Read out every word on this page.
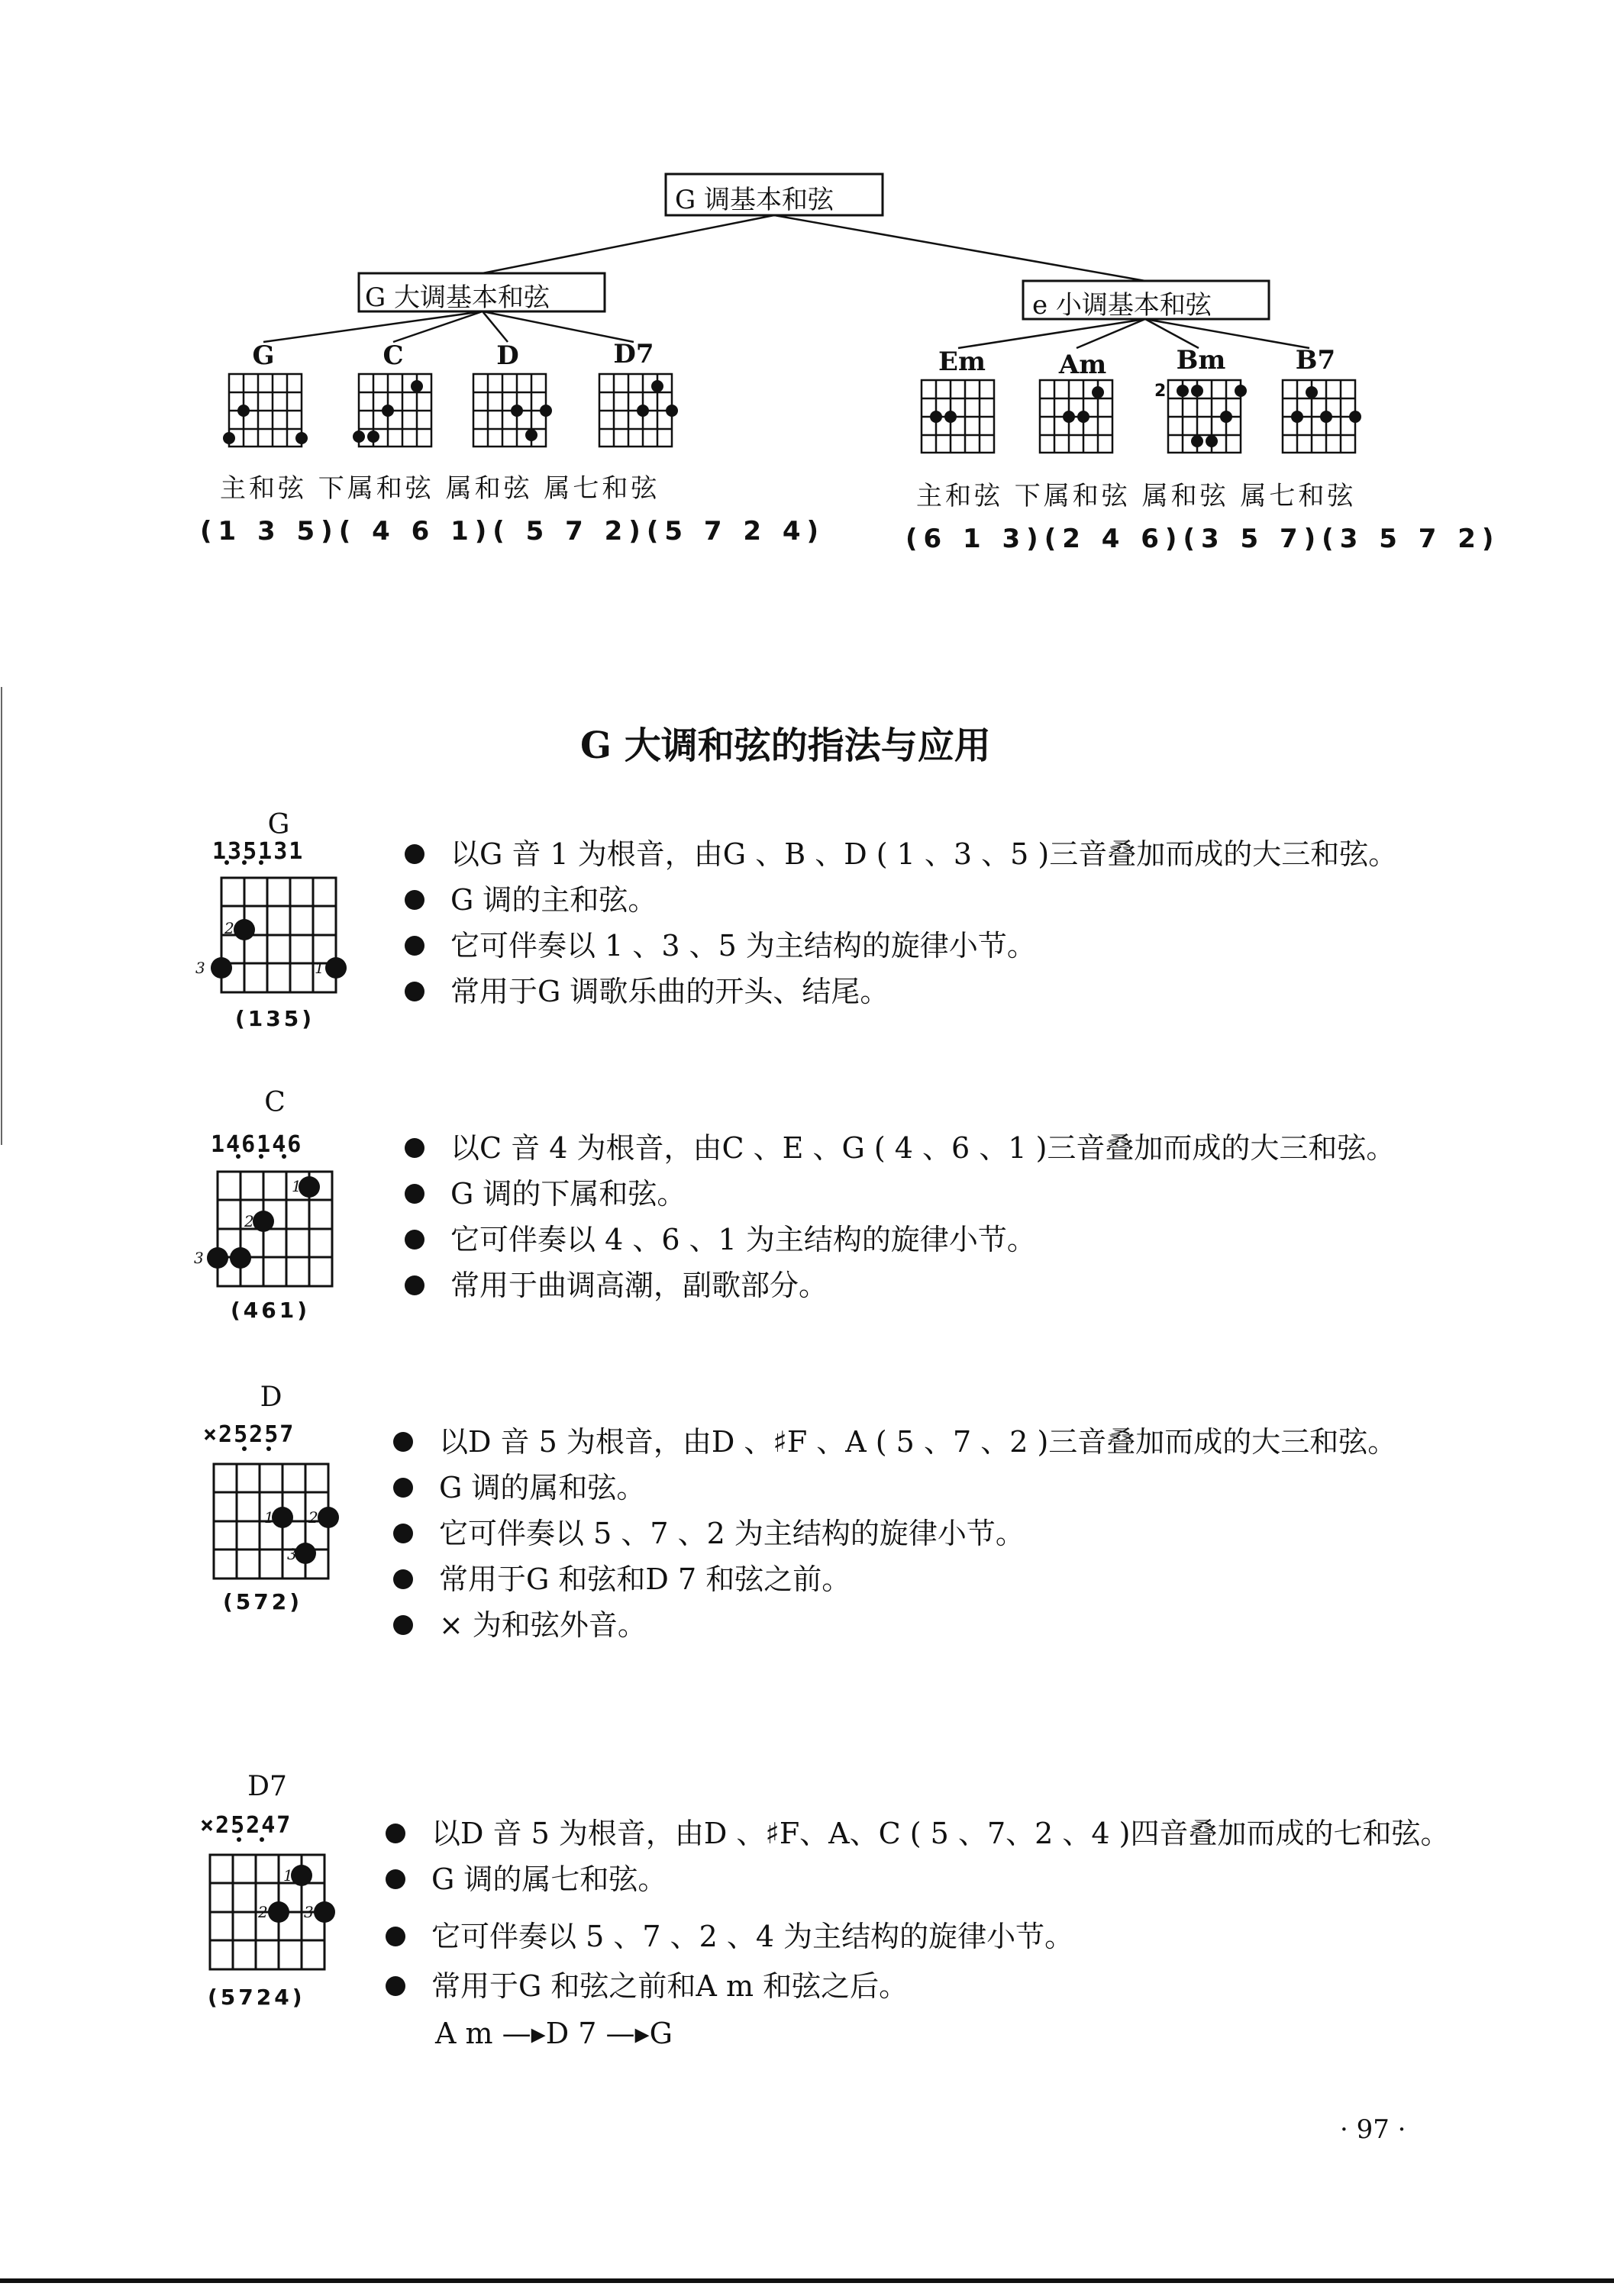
G 调基本和弦
G 大调基本和弦	e 小调基本和弦
G	C	D	D7	Em	Am	Bm	B7
2
主和弦 下属和弦 属和弦 属七和弦	主和弦 下属和弦 属和弦 属七和弦
(1 3 5)( 4 6 1)( 5 7 2)(5 7 2 4)	(6 1 3)(2 4 6)(3 5 7)(3 5 7 2)
G 大调和弦的指法与应用
G
135131
2
3	1
(135)
以G 音 1 为根音，由G 、B 、D ( 1 、3 、5 )三音叠加而成的大三和弦。
G 调的主和弦。
它可伴奏以 1 、3 、5 为主结构的旋律小节。
常用于G 调歌乐曲的开头、结尾。
C
146146
1
2
3
(461)
以C 音 4 为根音，由C 、E 、G ( 4 、6 、1 )三音叠加而成的大三和弦。
G 调的下属和弦。
它可伴奏以 4 、6 、1 为主结构的旋律小节。
常用于曲调高潮，副歌部分。
D
×25257
1 2
3
(572)
以D 音 5 为根音，由D 、♯F 、A ( 5 、7 、2 )三音叠加而成的大三和弦。
G 调的属和弦。
它可伴奏以 5 、7 、2 为主结构的旋律小节。
常用于G 和弦和D 7 和弦之前。
× 为和弦外音。
D7
×25247
1
2 3
(5724)
以D 音 5 为根音，由D 、♯F、A、C ( 5 、7、2 、4 )四音叠加而成的七和弦。
G 调的属七和弦。
它可伴奏以 5 、7 、2 、4 为主结构的旋律小节。
常用于G 和弦之前和A m 和弦之后。
A m —▸D 7 —▸G
· 97 ·
